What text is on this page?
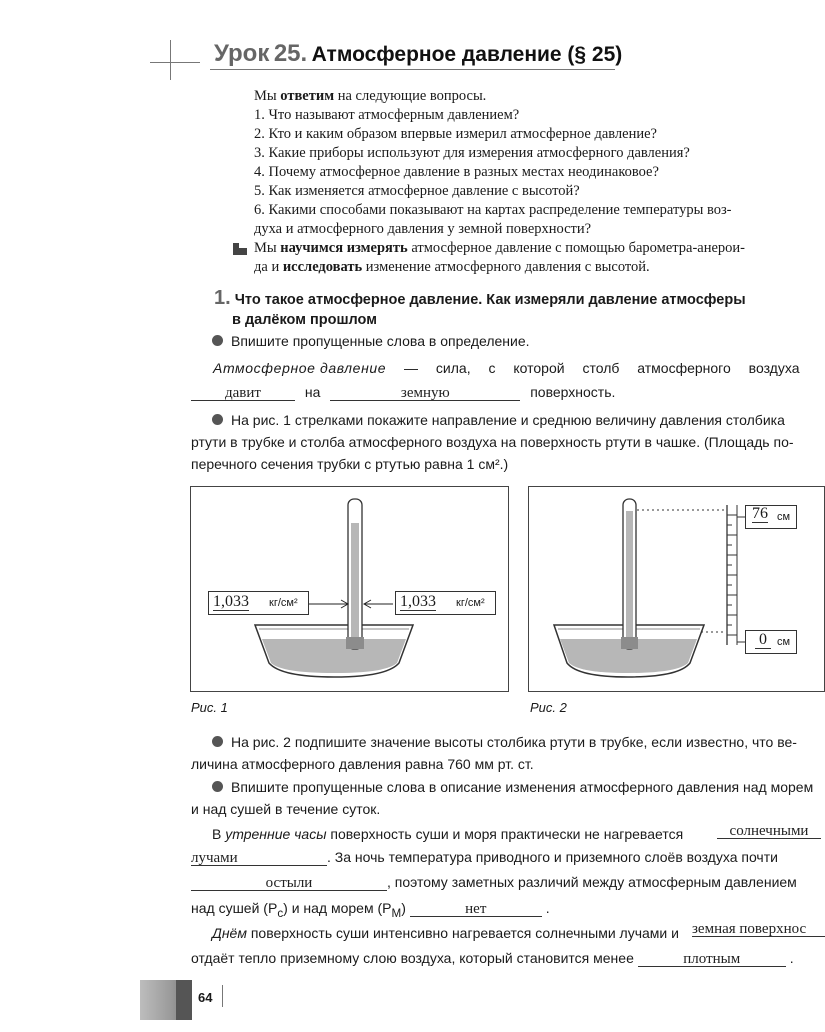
Урок 25. Атмосферное давление (§ 25)
Мы ответим на следующие вопросы.
1. Что называют атмосферным давлением?
2. Кто и каким образом впервые измерил атмосферное давление?
3. Какие приборы используют для измерения атмосферного давления?
4. Почему атмосферное давление в разных местах неодинаковое?
5. Как изменяется атмосферное давление с высотой?
6. Какими способами показывают на картах распределение температуры воз-
духа и атмосферного давления у земной поверхности?
Мы научимся измерять атмосферное давление с помощью барометра-анерои-
да и исследовать изменение атмосферного давления с высотой.
1. Что такое атмосферное давление. Как измеряли давление атмосферы
в далёком прошлом
Впишите пропущенные слова в определение.
Атмосферное давление — сила, с которой столб атмосферного воздуха
давит	на	земную	поверхность.
На рис. 1 стрелками покажите направление и среднюю величину давления столбика
ртути в трубке и столба атмосферного воздуха на поверхность ртути в чашке. (Площадь по-
перечного сечения трубки с ртутью равна 1 см².)
1,033 кг/см²	1,033 кг/см²
Рис. 1
76 см
0 см
Рис. 2
На рис. 2 подпишите значение высоты столбика ртути в трубке, если известно, что ве-
личина атмосферного давления равна 760 мм рт. ст.
Впишите пропущенные слова в описание изменения атмосферного давления над морем
и над сушей в течение суток.
В утренние часы поверхность суши и моря практически не нагревается	солнечными
лучами	. За ночь температура приводного и приземного слоёв воздуха почти
остыли	, поэтому заметных различий между атмосферным давлением
над сушей $(P_c)$ и над морем $(P_M)$	нет	.
Днём поверхность суши интенсивно нагревается солнечными лучами и земная поверхнос
отдаёт тепло приземному слою воздуха, который становится менее	плотным	.
64
